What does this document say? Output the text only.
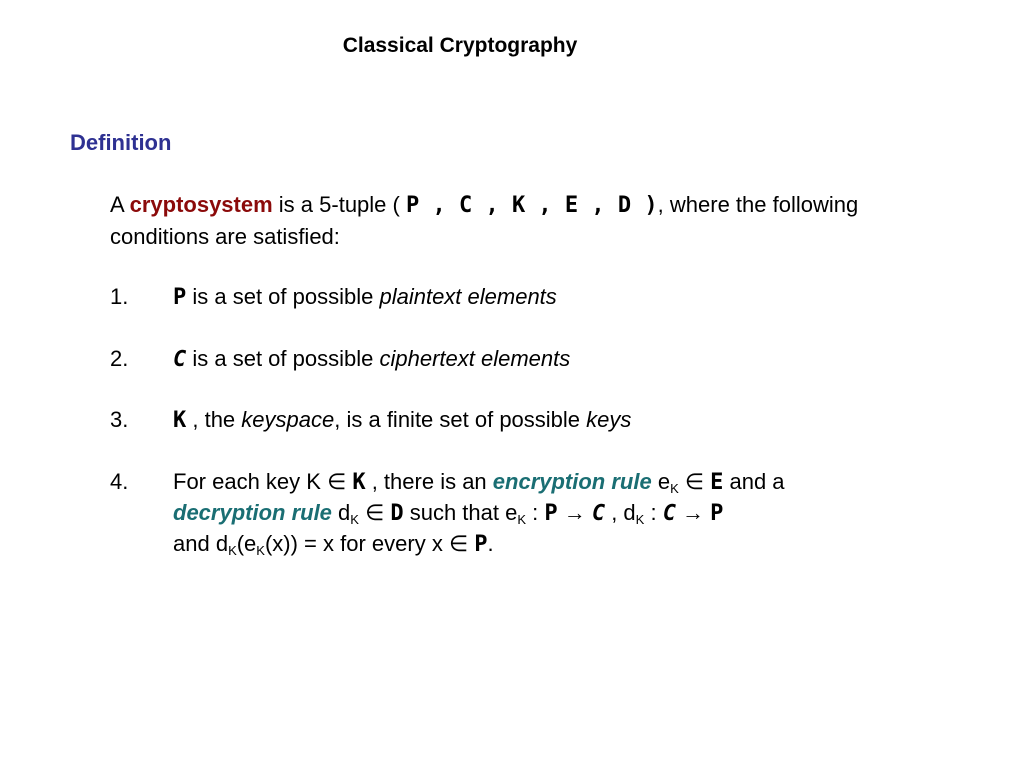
Classical Cryptography
Definition
A cryptosystem is a 5-tuple ( P , C , K , E , D ), where the following
conditions are satisfied:
1. P is a set of possible plaintext elements
2. C is a set of possible ciphertext elements
3. K , the keyspace, is a finite set of possible keys
4. For each key K ∈ K , there is an encryption rule $e_K$ ∈ E and a
decryption rule $d_K$ ∈ D such that $e_K$ : P → C , $d_K$ : C → P
and $d_K(e_K(x)) = x$ for every x ∈ P.
